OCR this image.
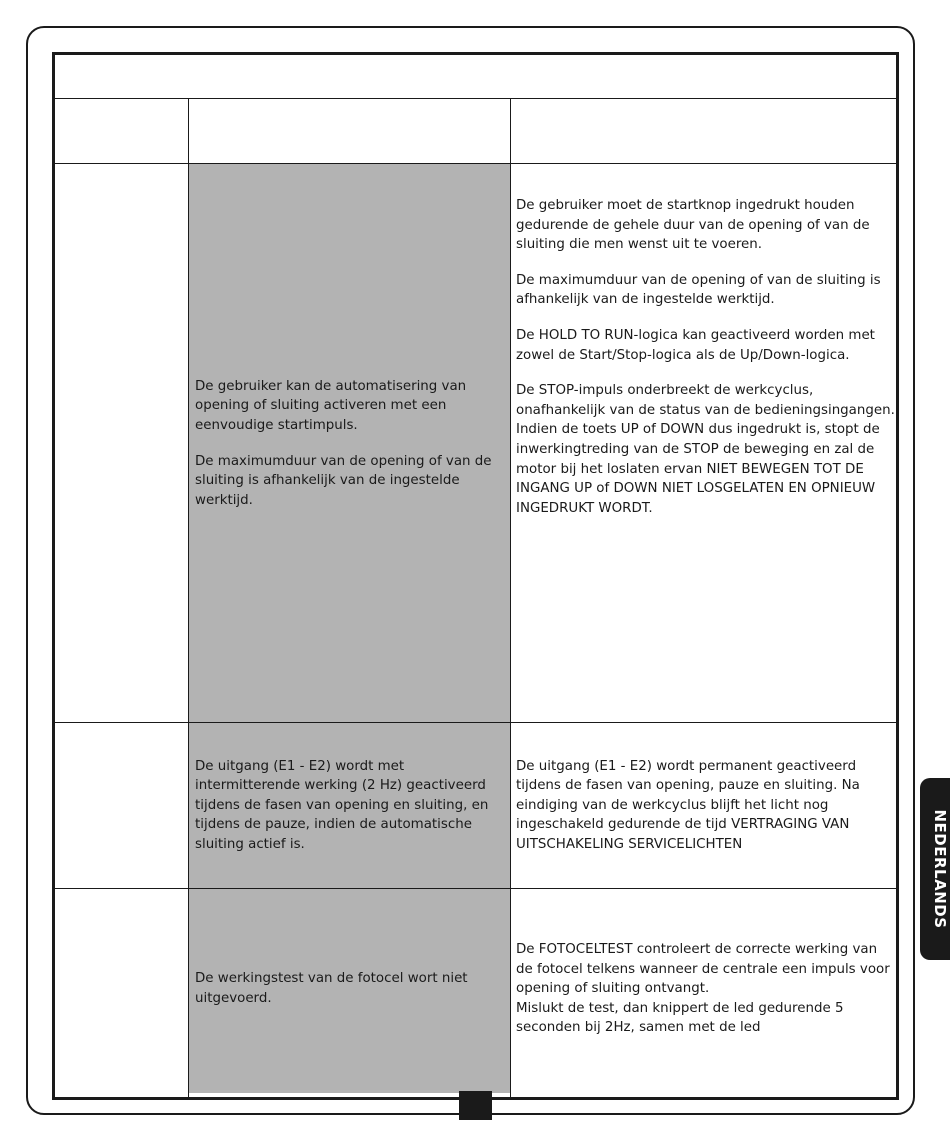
De gebruiker kan de automatisering van opening of sluiting activeren met een eenvoudige startimpuls.

De maximumduur van de opening of van de sluiting is afhankelijk van de ingestelde werktijd.

De gebruiker moet de startknop ingedrukt houden gedurende de gehele duur van de opening of van de sluiting die men wenst uit te voeren.

De maximumduur van de opening of van de sluiting is afhankelijk van de ingestelde werktijd.

De HOLD TO RUN-logica kan geactiveerd worden met zowel de Start/Stop-logica als de Up/Down-logica.

De STOP-impuls onderbreekt de werkcyclus, onafhankelijk van de status van de bedieningsingangen. Indien de toets UP of DOWN dus ingedrukt is, stopt de inwerkingtreding van de STOP de beweging en zal de motor bij het loslaten ervan NIET BEWEGEN TOT DE INGANG UP of DOWN NIET LOSGELATEN EN OPNIEUW INGEDRUKT WORDT.

De uitgang (E1 - E2) wordt met intermitterende werking (2 Hz) geactiveerd tijdens de fasen van opening en sluiting, en tijdens de pauze, indien de automatische sluiting actief is.

De uitgang (E1 - E2) wordt permanent geactiveerd tijdens de fasen van opening, pauze en sluiting. Na eindiging van de werkcyclus blijft het licht nog ingeschakeld gedurende de tijd VERTRAGING VAN UITSCHAKELING SERVICELICHTEN

De werkingstest van de fotocel wort niet uitgevoerd.

De FOTOCELTEST controleert de correcte werking van de fotocel telkens wanneer de centrale een impuls voor opening of sluiting ontvangt.
Mislukt de test, dan knippert de led gedurende 5 seconden bij 2Hz, samen met de led

NEDERLANDS
